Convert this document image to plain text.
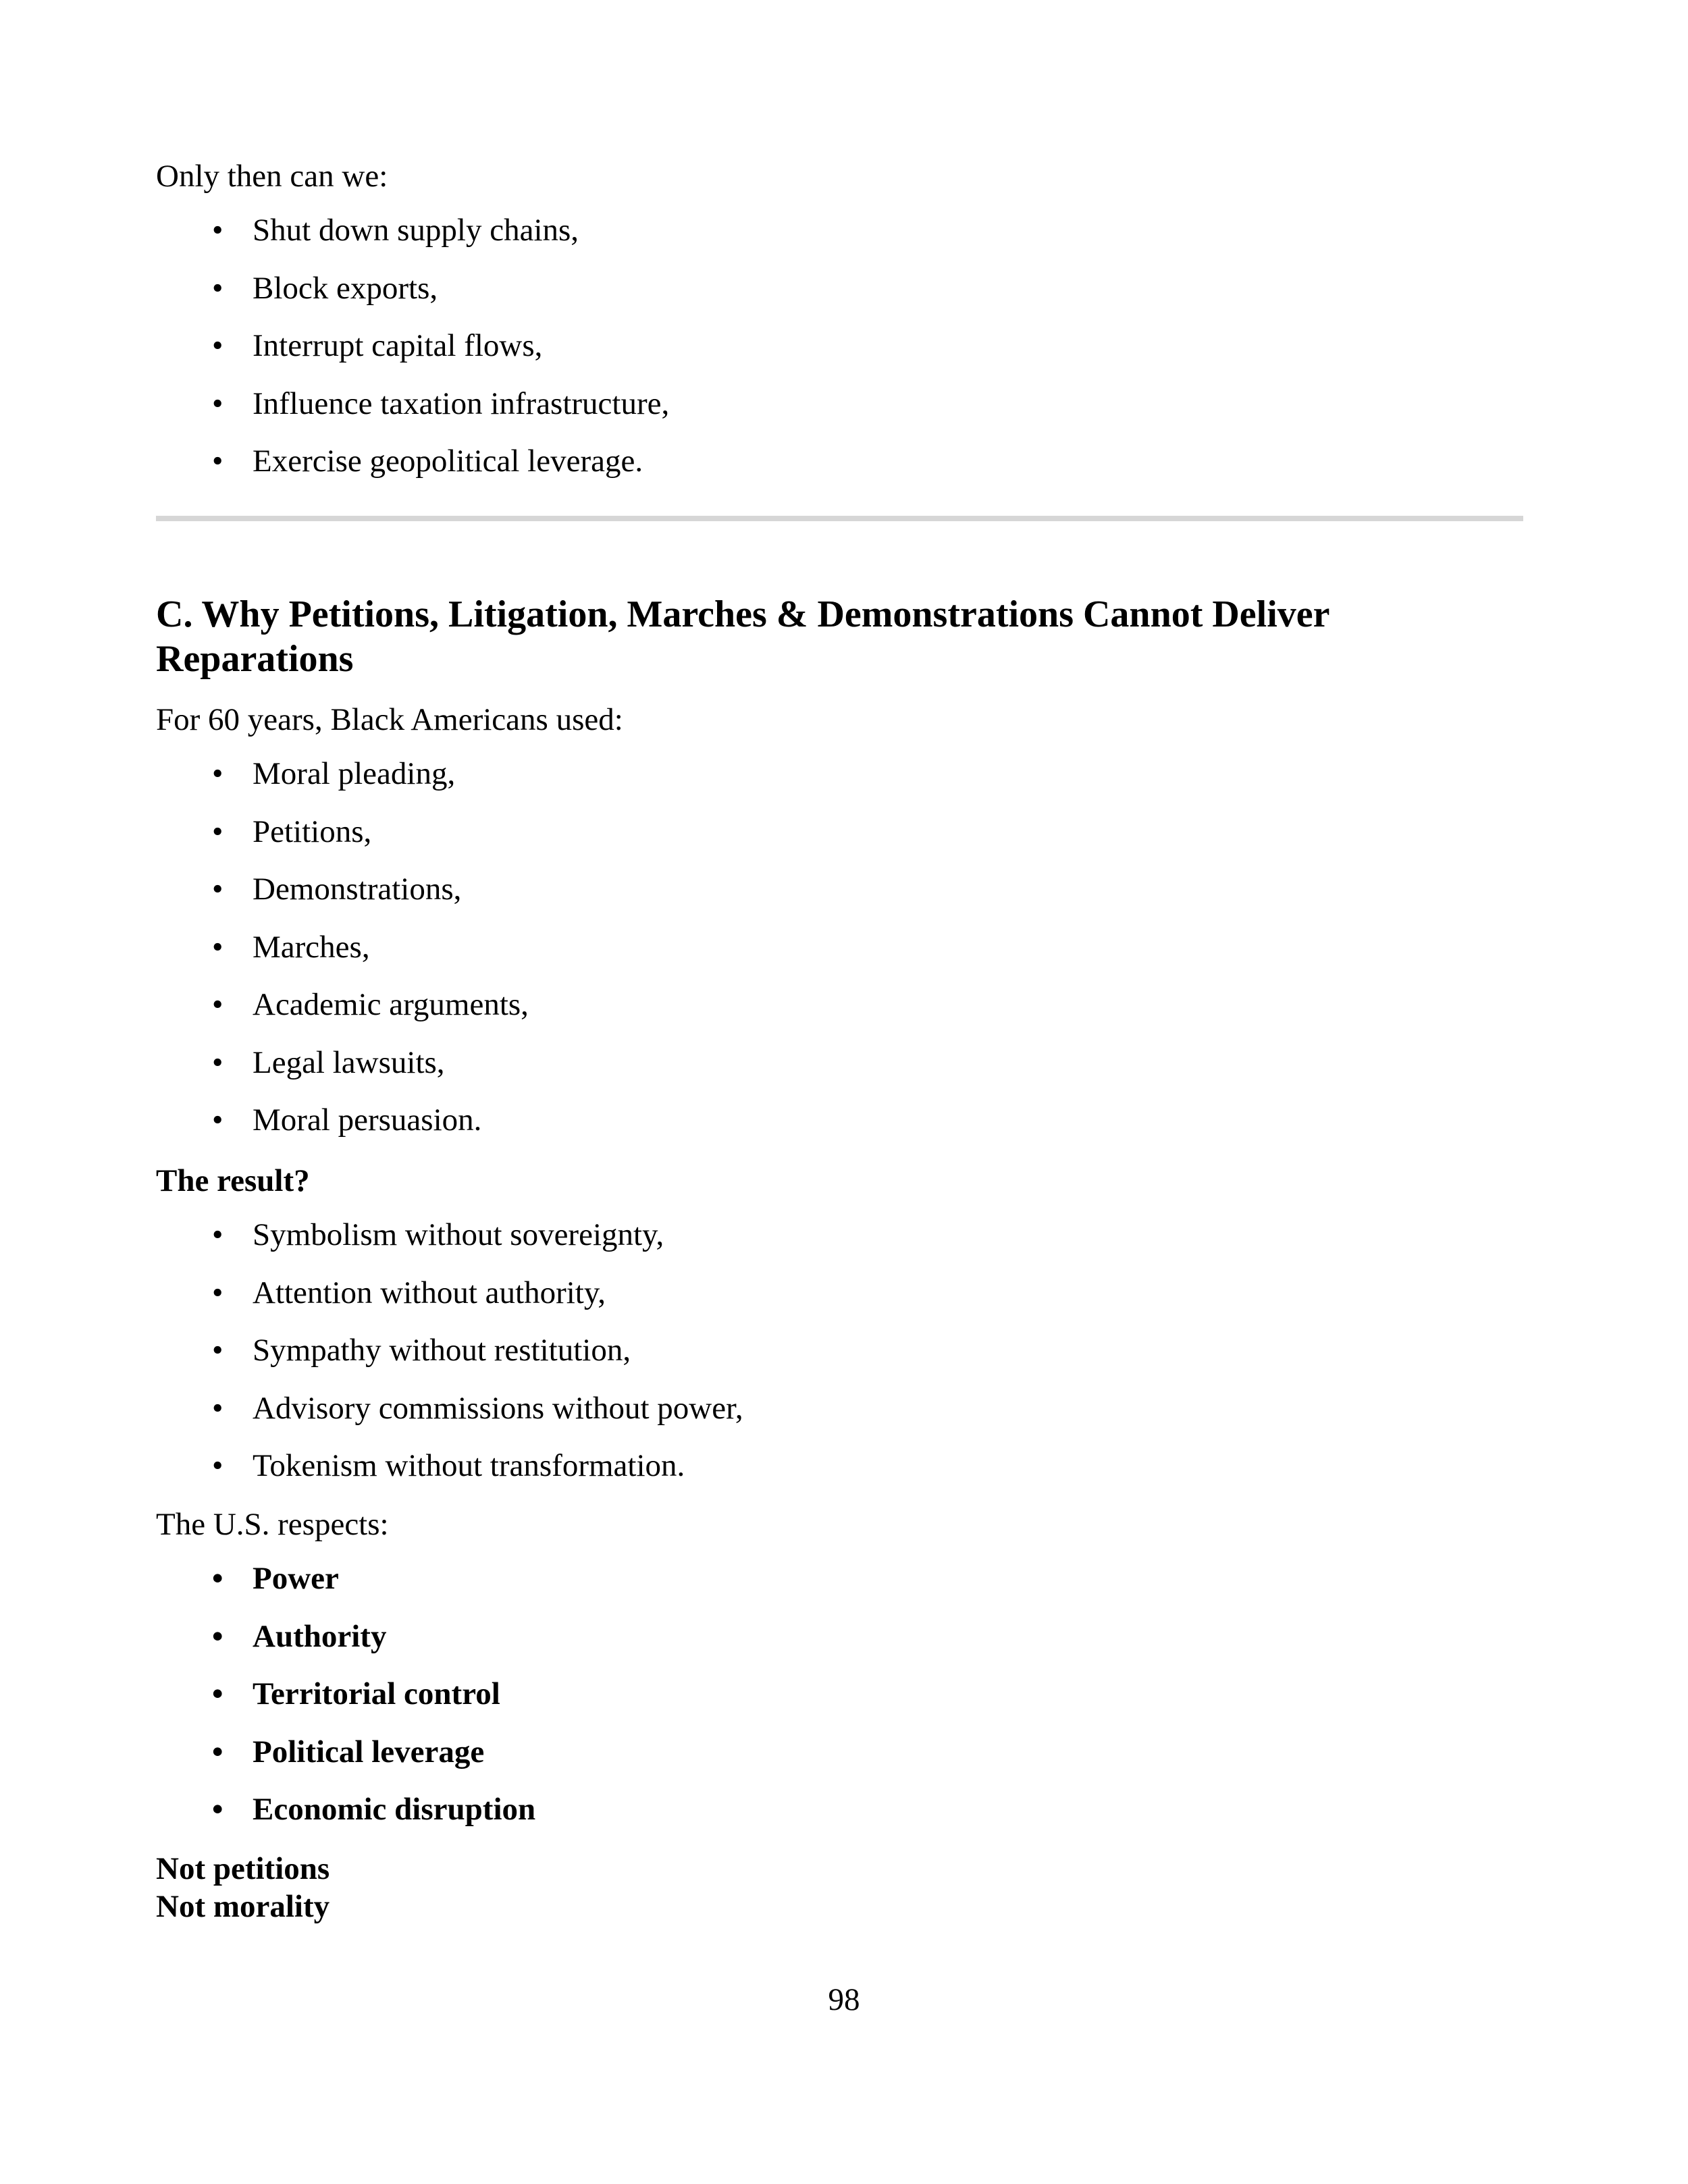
Only then can we:
• Shut down supply chains,
• Block exports,
• Interrupt capital flows,
• Influence taxation infrastructure,
• Exercise geopolitical leverage.
C. Why Petitions, Litigation, Marches & Demonstrations Cannot Deliver
Reparations
For 60 years, Black Americans used:
• Moral pleading,
• Petitions,
• Demonstrations,
• Marches,
• Academic arguments,
• Legal lawsuits,
• Moral persuasion.
The result?
• Symbolism without sovereignty,
• Attention without authority,
• Sympathy without restitution,
• Advisory commissions without power,
• Tokenism without transformation.
The U.S. respects:
• Power
• Authority
• Territorial control
• Political leverage
• Economic disruption
Not petitions
Not morality
98
